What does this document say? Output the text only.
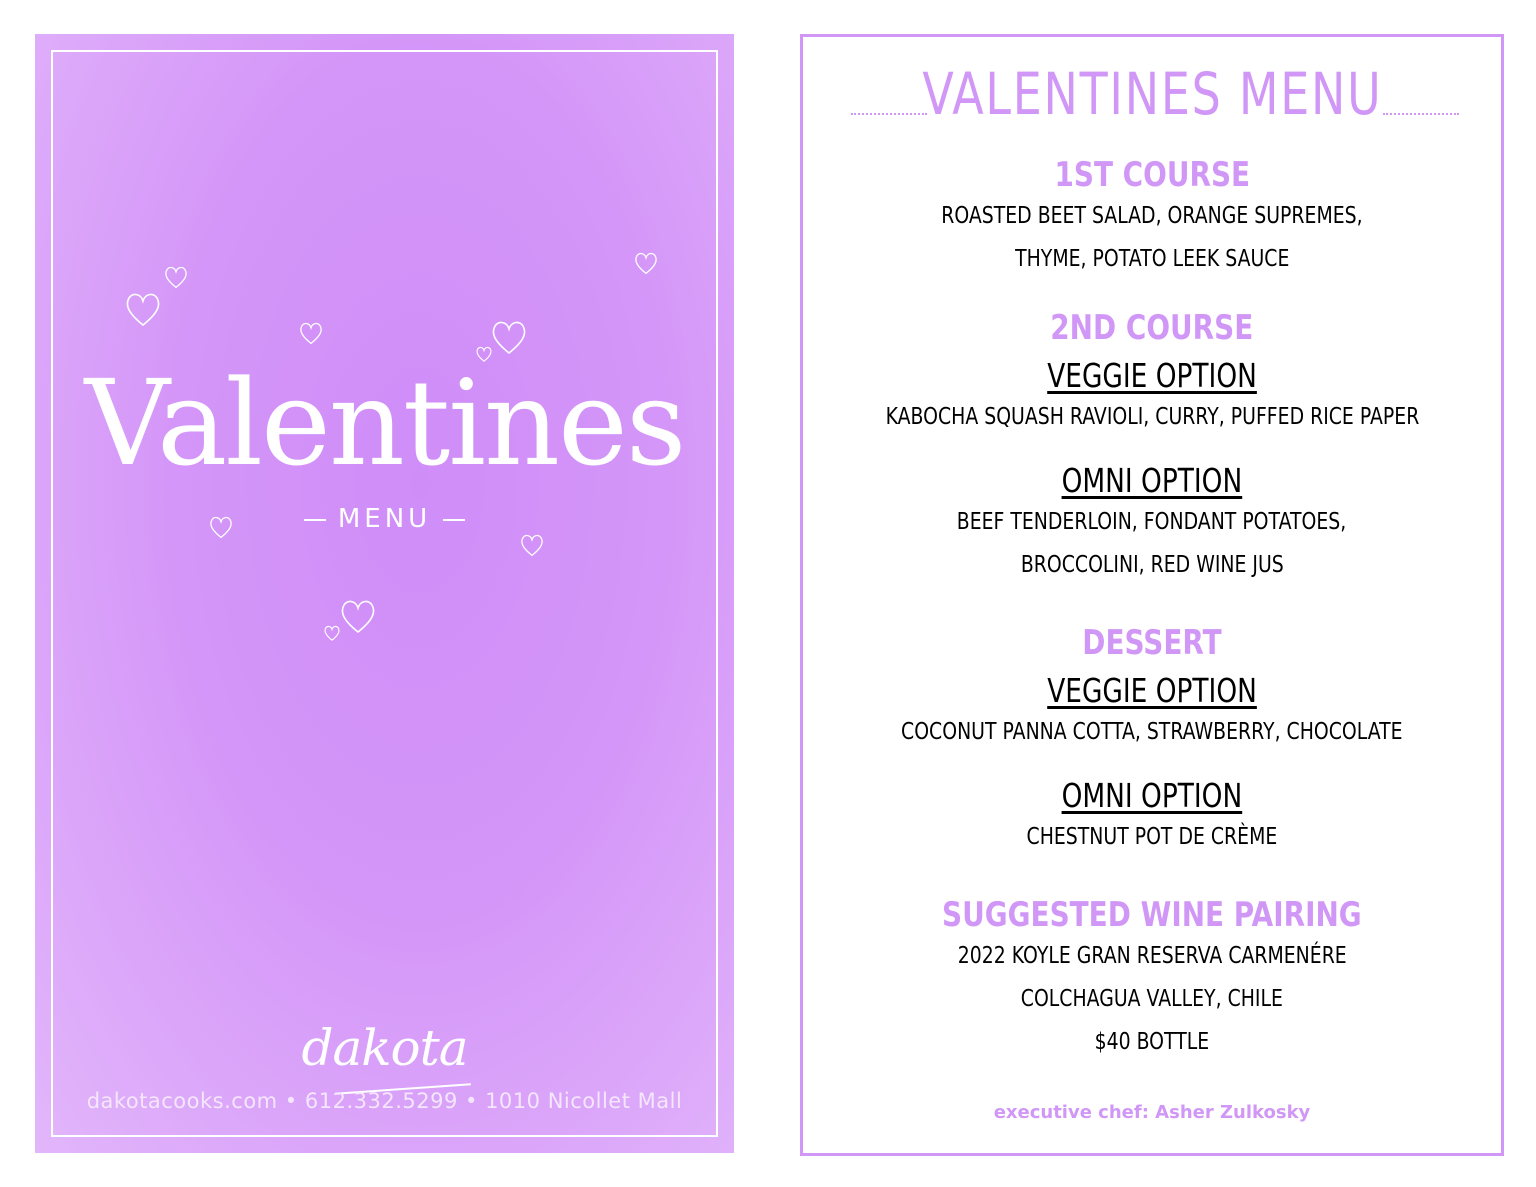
Valentines
MENU
dakota
dakotacooks.com • 612.332.5299 • 1010 Nicollet Mall
VALENTINES MENU
1ST COURSE
ROASTED BEET SALAD, ORANGE SUPREMES,
THYME, POTATO LEEK SAUCE
2ND COURSE
VEGGIE OPTION
KABOCHA SQUASH RAVIOLI, CURRY, PUFFED RICE PAPER
OMNI OPTION
BEEF TENDERLOIN, FONDANT POTATOES,
BROCCOLINI, RED WINE JUS
DESSERT
VEGGIE OPTION
COCONUT PANNA COTTA, STRAWBERRY, CHOCOLATE
OMNI OPTION
CHESTNUT POT DE CRÈME
SUGGESTED WINE PAIRING
2022 KOYLE GRAN RESERVA CARMENÉRE
COLCHAGUA VALLEY, CHILE
$40 BOTTLE
executive chef: Asher Zulkosky
